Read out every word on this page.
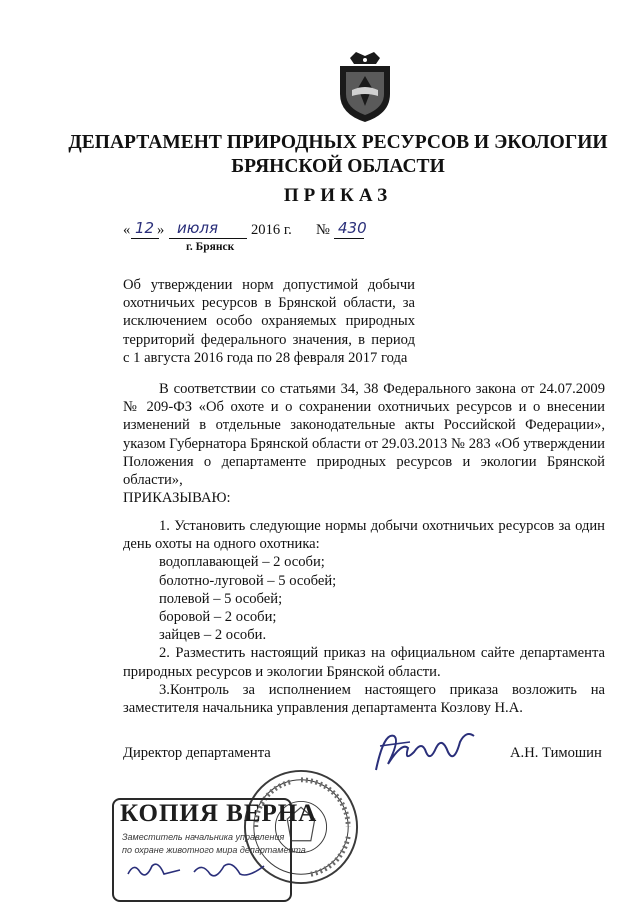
ДЕПАРТАМЕНТ ПРИРОДНЫХ РЕСУРСОВ И ЭКОЛОГИИ
БРЯНСКОЙ ОБЛАСТИ
ПРИКАЗ
« 12 » июля 2016 г. № 430
г. Брянск
Об утверждении норм допустимой добычи
охотничьих ресурсов в Брянской области, за
исключением особо охраняемых природных
территорий федерального значения, в период
с 1 августа 2016 года по 28 февраля 2017 года
В соответствии со статьями 34, 38 Федерального закона от 24.07.2009
№ 209-ФЗ «Об охоте и о сохранении охотничьих ресурсов и о внесении
изменений в отдельные законодательные акты Российской Федерации»,
указом Губернатора Брянской области от 29.03.2013 № 283 «Об утверждении
Положения о департаменте природных ресурсов и экологии Брянской
области»,
ПРИКАЗЫВАЮ:
1. Установить следующие нормы добычи охотничьих ресурсов за один
день охоты на одного охотника:
водоплавающей – 2 особи;
болотно-луговой – 5 особей;
полевой – 5 особей;
боровой – 2 особи;
зайцев – 2 особи.
2. Разместить настоящий приказ на официальном сайте департамента
природных ресурсов и экологии Брянской области.
3.Контроль за исполнением настоящего приказа возложить на
заместителя начальника управления департамента Козлову Н.А.
Директор департамента	А.Н. Тимошин
КОПИЯ ВЕРНА
Заместитель начальника управления
по охране животного мира департамента
